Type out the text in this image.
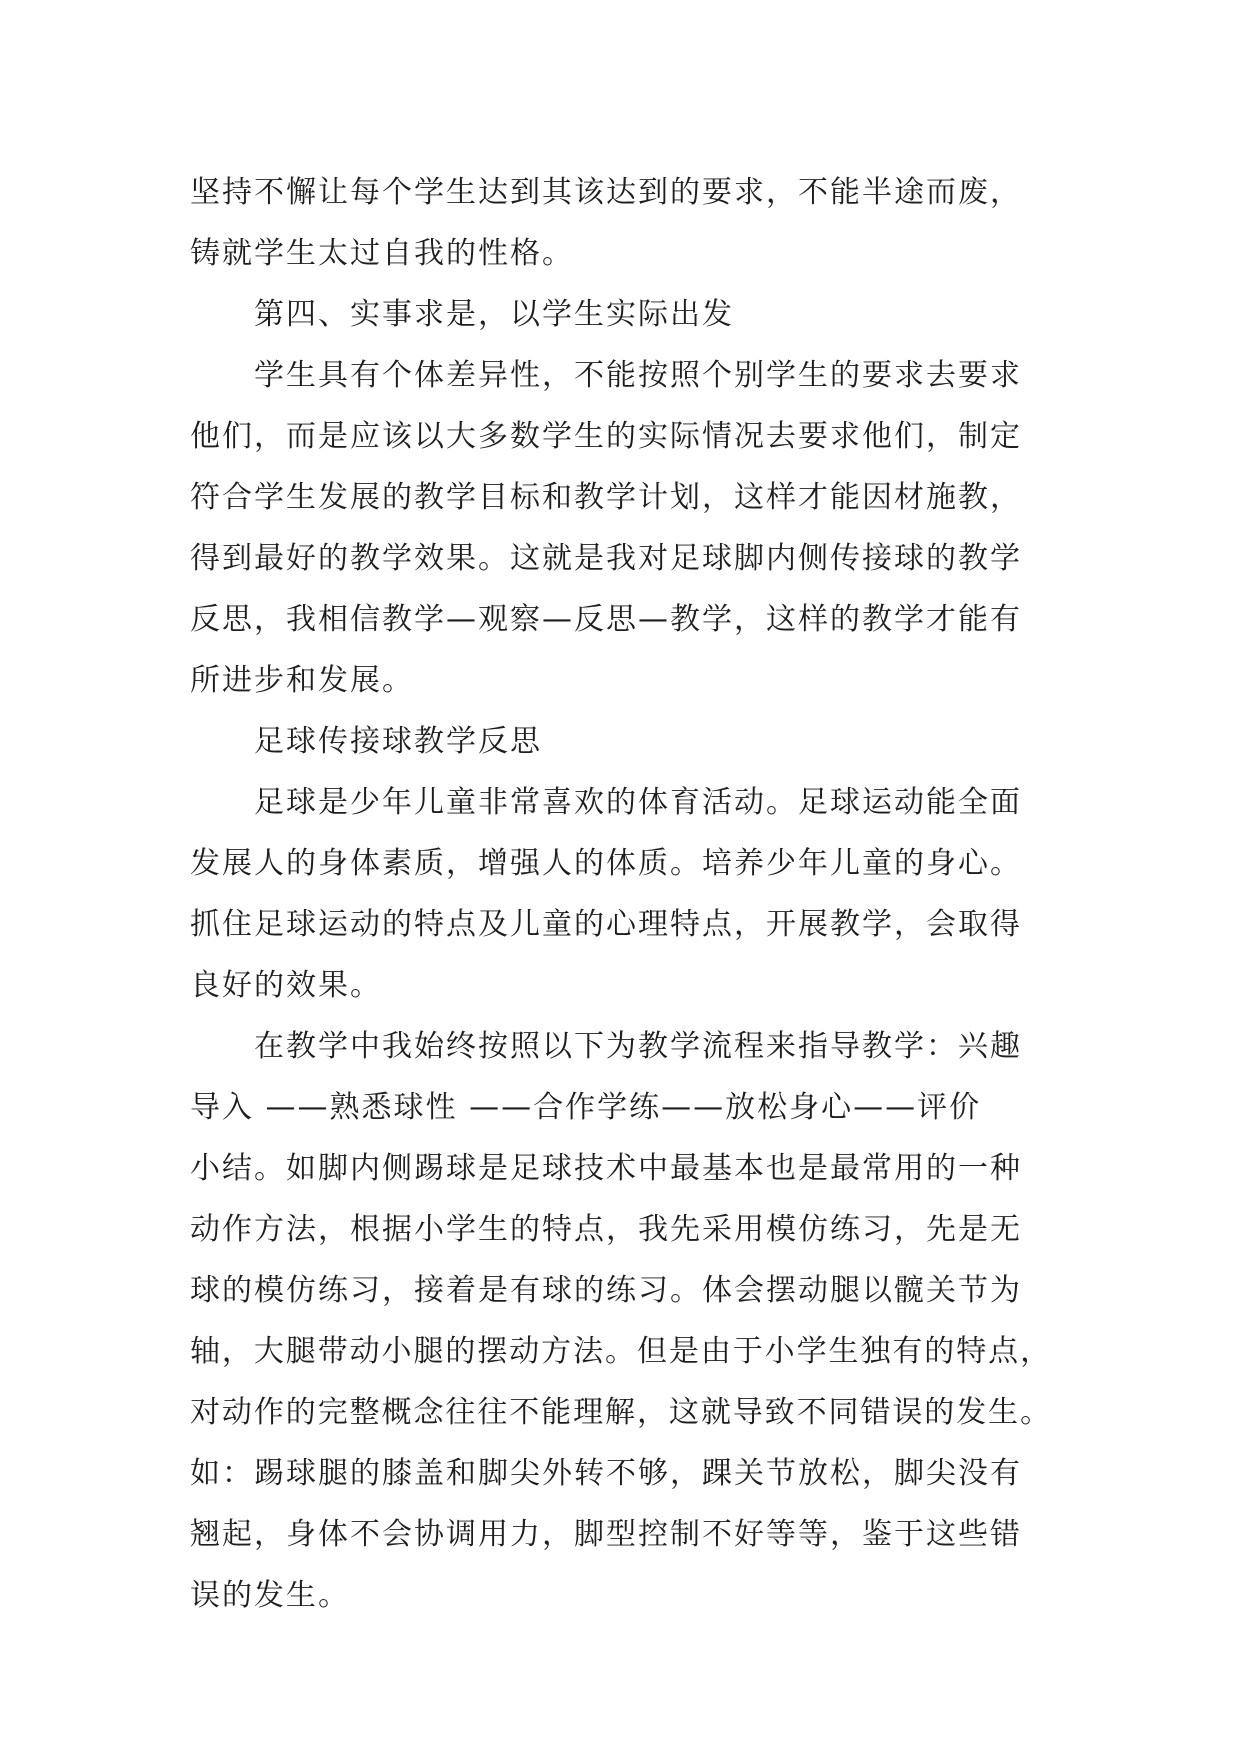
坚持不懈让每个学生达到其该达到的要求，不能半途而废，
铸就学生太过自我的性格。
第四、实事求是，以学生实际出发
学生具有个体差异性，不能按照个别学生的要求去要求
他们，而是应该以大多数学生的实际情况去要求他们，制定
符合学生发展的教学目标和教学计划，这样才能因材施教，
得到最好的教学效果。这就是我对足球脚内侧传接球的教学
反思，我相信教学—观察—反思—教学，这样的教学才能有
所进步和发展。
足球传接球教学反思
足球是少年儿童非常喜欢的体育活动。足球运动能全面
发展人的身体素质，增强人的体质。培养少年儿童的身心。
抓住足球运动的特点及儿童的心理特点，开展教学，会取得
良好的效果。
在教学中我始终按照以下为教学流程来指导教学：兴趣
导入 ——熟悉球性 ——合作学练——放松身心——评价
小结。如脚内侧踢球是足球技术中最基本也是最常用的一种
动作方法，根据小学生的特点，我先采用模仿练习，先是无
球的模仿练习，接着是有球的练习。体会摆动腿以髋关节为
轴，大腿带动小腿的摆动方法。但是由于小学生独有的特点，
对动作的完整概念往往不能理解，这就导致不同错误的发生。
如：踢球腿的膝盖和脚尖外转不够，踝关节放松，脚尖没有
翘起，身体不会协调用力，脚型控制不好等等，鉴于这些错
误的发生。
